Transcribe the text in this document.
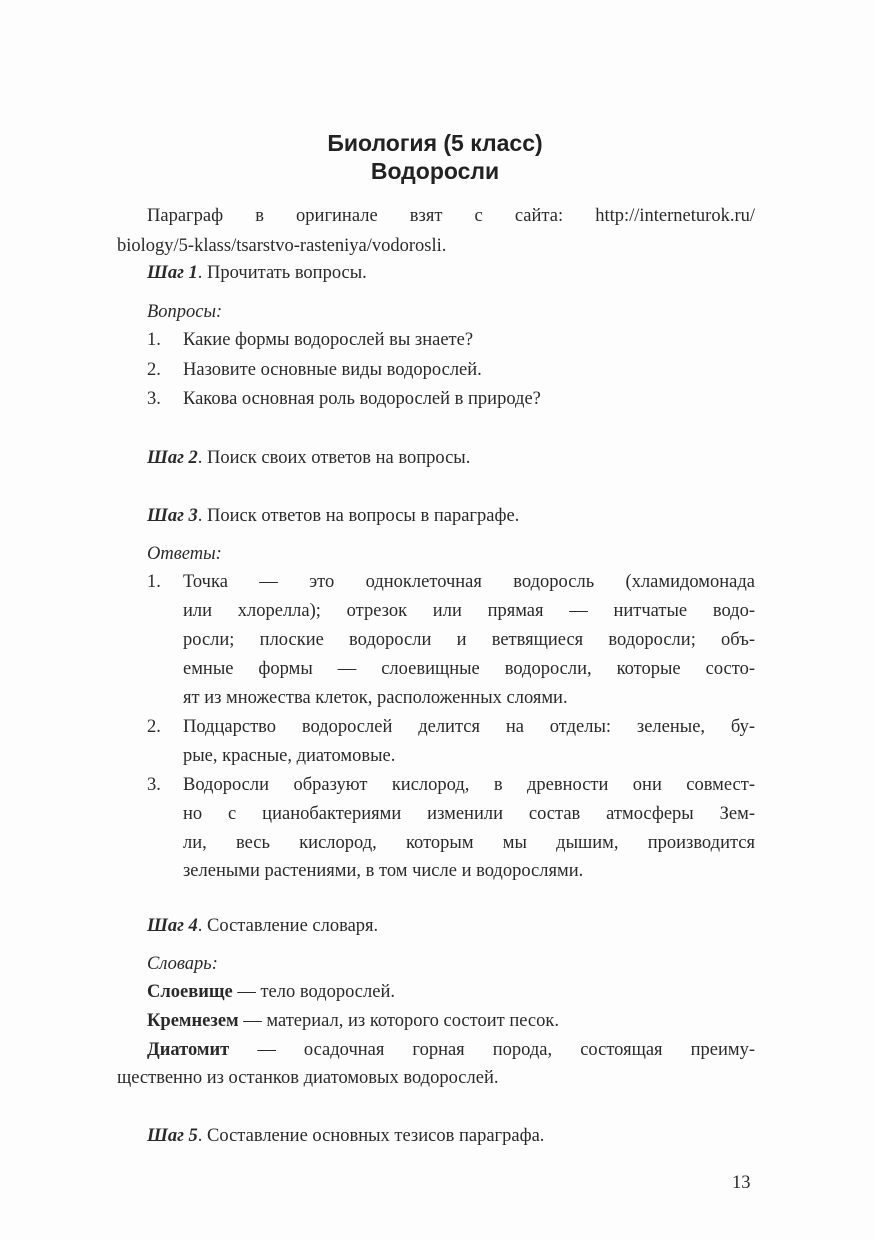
Биология (5 класс)
Водоросли
Параграф в оригинале взят с сайта: http://interneturok.ru/
biology/5-klass/tsarstvo-rasteniya/vodorosli.
Шаг 1. Прочитать вопросы.
Вопросы:
1. Какие формы водорослей вы знаете?
2. Назовите основные виды водорослей.
3. Какова основная роль водорослей в природе?
Шаг 2. Поиск своих ответов на вопросы.
Шаг 3. Поиск ответов на вопросы в параграфе.
Ответы:
1. Точка — это одноклеточная водоросль (хламидомонада
или хлорелла); отрезок или прямая — нитчатые водо-
росли; плоские водоросли и ветвящиеся водоросли; объ-
емные формы — слоевищные водоросли, которые состо-
ят из множества клеток, расположенных слоями.
2. Подцарство водорослей делится на отделы: зеленые, бу-
рые, красные, диатомовые.
3. Водоросли образуют кислород, в древности они совмест-
но с цианобактериями изменили состав атмосферы Зем-
ли, весь кислород, которым мы дышим, производится
зелеными растениями, в том числе и водорослями.
Шаг 4. Составление словаря.
Словарь:
Слоевище — тело водорослей.
Кремнезем — материал, из которого состоит песок.
Диатомит — осадочная горная порода, состоящая преиму-
щественно из останков диатомовых водорослей.
Шаг 5. Составление основных тезисов параграфа.
13
